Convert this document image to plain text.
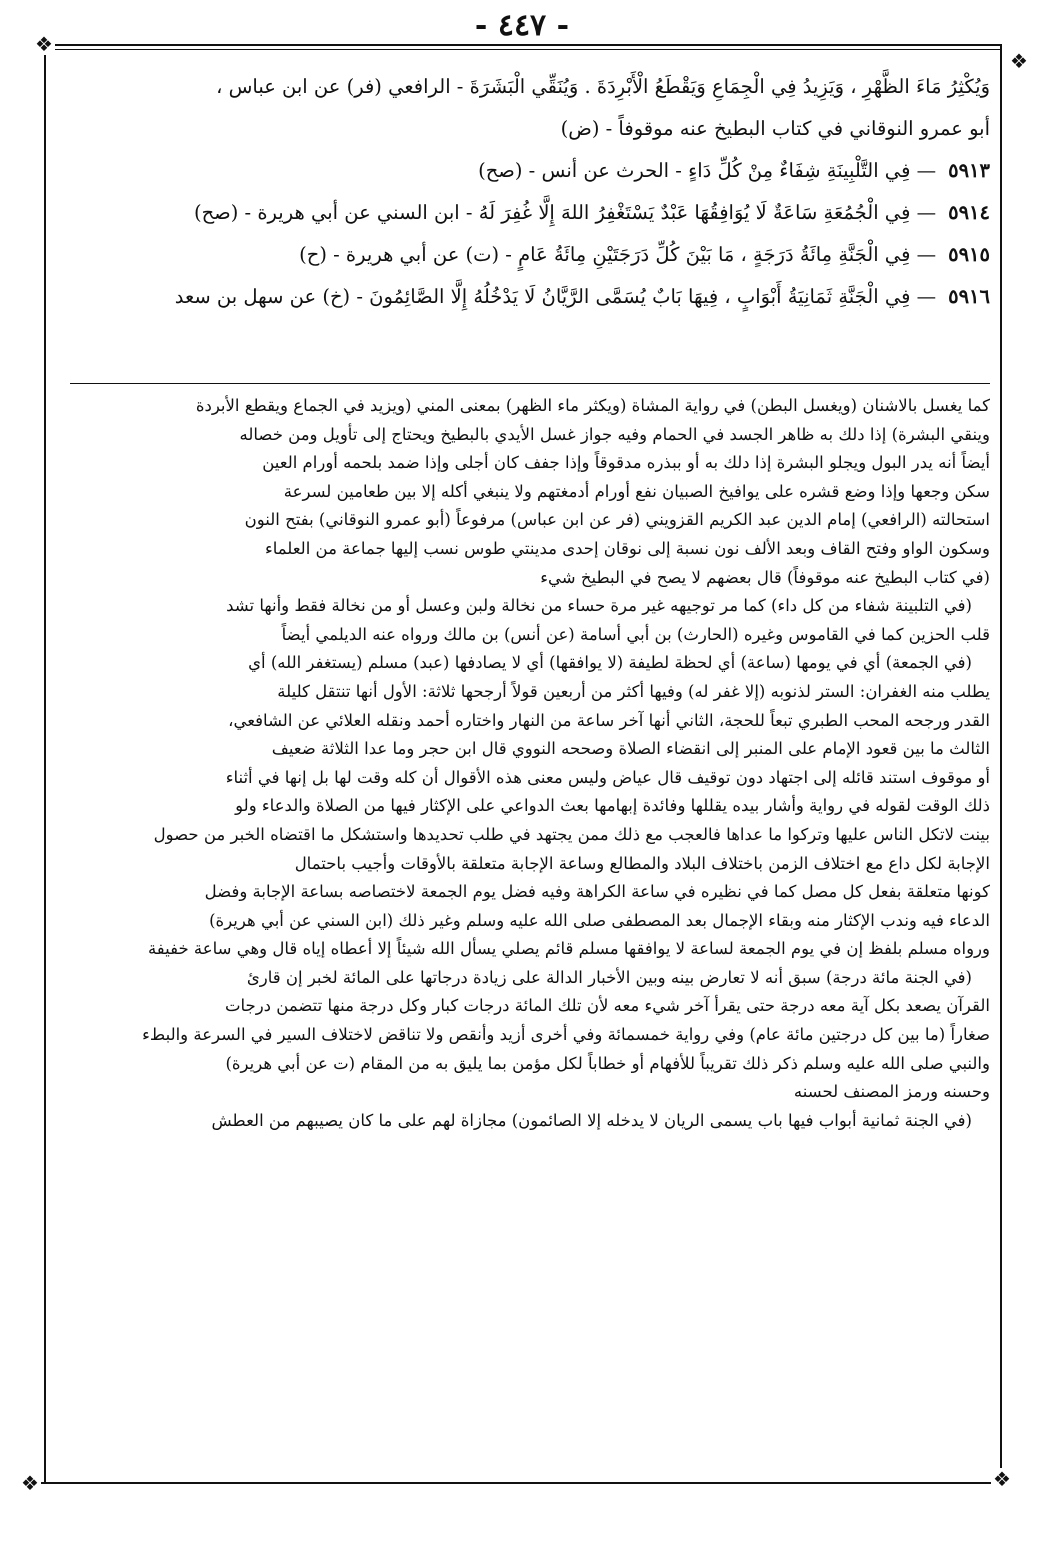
- ٤٤٧ -
❖
❖
❖	❖
وَيُكْثِرُ مَاءَ الظَّهْرِ ، وَيَزِيدُ فِي الْجِمَاعِ وَيَقْطَعُ الْأَبْرِدَةَ . وَيُنَقِّي الْبَشَرَةَ - الرافعي (فر) عن ابن عباس ،
أبو عمرو النوقاني في كتاب البطيخ عنه موقوفاً - (ض)
٥٩١٣— فِي التَّلْبِينَةِ شِفَاءٌ مِنْ كُلِّ دَاءٍ - الحرث عن أنس - (صح)
٥٩١٤— فِي الْجُمُعَةِ سَاعَةٌ لَا يُوَافِقُهَا عَبْدٌ يَسْتَغْفِرُ اللهَ إِلَّا غُفِرَ لَهُ - ابن السني عن أبي هريرة - (صح)
٥٩١٥— فِي الْجَنَّةِ مِائَةُ دَرَجَةٍ ، مَا بَيْنَ كُلِّ دَرَجَتَيْنِ مِائَةُ عَامٍ - (ت) عن أبي هريرة - (ح)
٥٩١٦— فِي الْجَنَّةِ ثَمَانِيَةُ أَبْوَابٍ ، فِيهَا بَابٌ يُسَمَّى الرَّيَّانُ لَا يَدْخُلُهُ إِلَّا الصَّائِمُونَ - (خ) عن سهل بن سعد
كما يغسل بالاشنان (ويغسل البطن) في رواية المشاة (ويكثر ماء الظهر) بمعنى المني (ويزيد في الجماع ويقطع الأبردة
وينقي البشرة) إذا دلك به ظاهر الجسد في الحمام وفيه جواز غسل الأيدي بالبطيخ ويحتاج إلى تأويل ومن خصاله
أيضاً أنه يدر البول ويجلو البشرة إذا دلك به أو ببذره مدقوقاً وإذا جفف كان أجلى وإذا ضمد بلحمه أورام العين
سكن وجعها وإذا وضع قشره على يوافيخ الصبيان نفع أورام أدمغتهم ولا ينبغي أكله إلا بين طعامين لسرعة
استحالته (الرافعي) إمام الدين عبد الكريم القزويني (فر عن ابن عباس) مرفوعاً (أبو عمرو النوقاني) بفتح النون
وسكون الواو وفتح القاف وبعد الألف نون نسبة إلى نوقان إحدى مدينتي طوس نسب إليها جماعة من العلماء
(في كتاب البطيخ عنه موقوفاً) قال بعضهم لا يصح في البطيخ شيء
(في التلبينة شفاء من كل داء) كما مر توجيهه غير مرة حساء من نخالة ولبن وعسل أو من نخالة فقط وأنها تشد
قلب الحزين كما في القاموس وغيره (الحارث) بن أبي أسامة (عن أنس) بن مالك ورواه عنه الديلمي أيضاً
(في الجمعة) أي في يومها (ساعة) أي لحظة لطيفة (لا يوافقها) أي لا يصادفها (عبد) مسلم (يستغفر الله) أي
يطلب منه الغفران: الستر لذنوبه (إلا غفر له) وفيها أكثر من أربعين قولاً أرجحها ثلاثة: الأول أنها تنتقل كليلة
القدر ورجحه المحب الطبري تبعاً للحجة، الثاني أنها آخر ساعة من النهار واختاره أحمد ونقله العلائي عن الشافعي،
الثالث ما بين قعود الإمام على المنبر إلى انقضاء الصلاة وصححه النووي قال ابن حجر وما عدا الثلاثة ضعيف
أو موقوف استند قائله إلى اجتهاد دون توقيف قال عياض وليس معنى هذه الأقوال أن كله وقت لها بل إنها في أثناء
ذلك الوقت لقوله في رواية وأشار بيده يقللها وفائدة إبهامها بعث الدواعي على الإكثار فيها من الصلاة والدعاء ولو
بينت لاتكل الناس عليها وتركوا ما عداها فالعجب مع ذلك ممن يجتهد في طلب تحديدها واستشكل ما اقتضاه الخبر من حصول
الإجابة لكل داع مع اختلاف الزمن باختلاف البلاد والمطالع وساعة الإجابة متعلقة بالأوقات وأجيب باحتمال
كونها متعلقة بفعل كل مصل كما في نظيره في ساعة الكراهة وفيه فضل يوم الجمعة لاختصاصه بساعة الإجابة وفضل
الدعاء فيه وندب الإكثار منه وبقاء الإجمال بعد المصطفى صلى الله عليه وسلم وغير ذلك (ابن السني عن أبي هريرة)
ورواه مسلم بلفظ إن في يوم الجمعة لساعة لا يوافقها مسلم قائم يصلي يسأل الله شيئاً إلا أعطاه إياه قال وهي ساعة خفيفة
(في الجنة مائة درجة) سبق أنه لا تعارض بينه وبين الأخبار الدالة على زيادة درجاتها على المائة لخبر إن قارئ
القرآن يصعد بكل آية معه درجة حتى يقرأ آخر شيء معه لأن تلك المائة درجات كبار وكل درجة منها تتضمن درجات
صغاراً (ما بين كل درجتين مائة عام) وفي رواية خمسمائة وفي أخرى أزيد وأنقص ولا تناقض لاختلاف السير في السرعة والبطء
والنبي صلى الله عليه وسلم ذكر ذلك تقريباً للأفهام أو خطاباً لكل مؤمن بما يليق به من المقام (ت عن أبي هريرة)
وحسنه ورمز المصنف لحسنه
(في الجنة ثمانية أبواب فيها باب يسمى الريان لا يدخله إلا الصائمون) مجازاة لهم على ما كان يصيبهم من العطش
